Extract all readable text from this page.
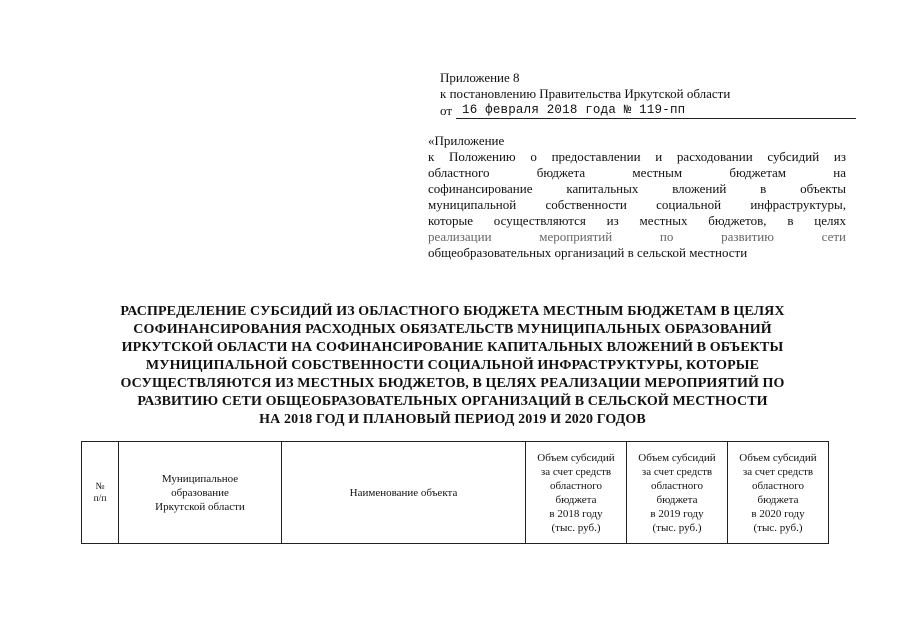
Приложение 8
к постановлению Правительства Иркутской области
от 16 февраля 2018 года № 119-пп
«Приложение
к Положению о предоставлении и расходовании субсидий из
областного бюджета местным бюджетам на
софинансирование капитальных вложений в объекты
муниципальной собственности социальной инфраструктуры,
которые осуществляются из местных бюджетов, в целях
реализации мероприятий по развитию сети
общеобразовательных организаций в сельской местности
РАСПРЕДЕЛЕНИЕ СУБСИДИЙ ИЗ ОБЛАСТНОГО БЮДЖЕТА МЕСТНЫМ БЮДЖЕТАМ В ЦЕЛЯХ
СОФИНАНСИРОВАНИЯ РАСХОДНЫХ ОБЯЗАТЕЛЬСТВ МУНИЦИПАЛЬНЫХ ОБРАЗОВАНИЙ
ИРКУТСКОЙ ОБЛАСТИ НА СОФИНАНСИРОВАНИЕ КАПИТАЛЬНЫХ ВЛОЖЕНИЙ В ОБЪЕКТЫ
МУНИЦИПАЛЬНОЙ СОБСТВЕННОСТИ СОЦИАЛЬНОЙ ИНФРАСТРУКТУРЫ, КОТОРЫЕ
ОСУЩЕСТВЛЯЮТСЯ ИЗ МЕСТНЫХ БЮДЖЕТОВ, В ЦЕЛЯХ РЕАЛИЗАЦИИ МЕРОПРИЯТИЙ ПО
РАЗВИТИЮ СЕТИ ОБЩЕОБРАЗОВАТЕЛЬНЫХ ОРГАНИЗАЦИЙ В СЕЛЬСКОЙ МЕСТНОСТИ
НА 2018 ГОД И ПЛАНОВЫЙ ПЕРИОД 2019 И 2020 ГОДОВ
№
п/п

Муниципальное
образование
Иркутской области

Наименование объекта

Объем субсидий
за счет средств
областного
бюджета
в 2018 году
(тыс. руб.)

Объем субсидий
за счет средств
областного
бюджета
в 2019 году
(тыс. руб.)

Объем субсидий
за счет средств
областного
бюджета
в 2020 году
(тыс. руб.)
